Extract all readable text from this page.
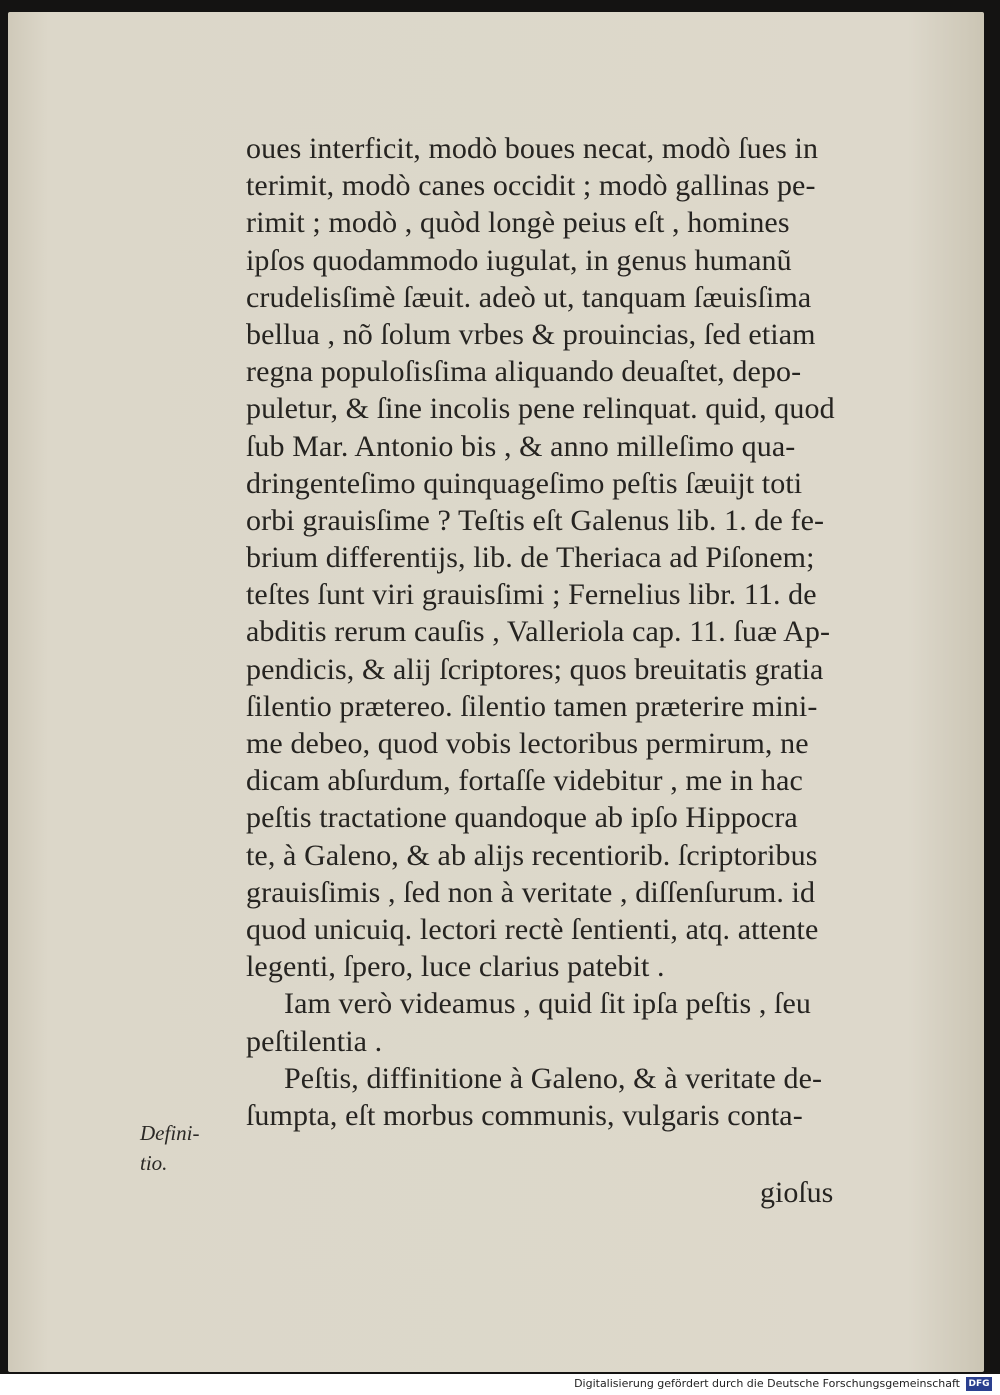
oues interficit, modò boues necat, modò ſues in
terimit, modò canes occidit ; modò gallinas pe-
rimit ; modò , quòd longè peius eſt , homines
ipſos quodammodo iugulat, in genus humanũ
crudelisſimè ſæuit. adeò ut, tanquam ſæuisſima
bellua , nõ ſolum vrbes & prouincias, ſed etiam
regna populoſisſima aliquando deuaſtet, depo-
puletur, & ſine incolis pene relinquat. quid, quod
ſub Mar. Antonio bis , & anno milleſimo qua-
dringenteſimo quinquageſimo peſtis ſæuijt toti
orbi grauisſime ? Teſtis eſt Galenus lib. 1. de fe-
brium differentijs, lib. de Theriaca ad Piſonem;
teſtes ſunt viri grauisſimi ; Fernelius libr. 11. de
abditis rerum cauſis , Valleriola cap. 11. ſuæ Ap-
pendicis, & alij ſcriptores; quos breuitatis gratia
ſilentio prætereo. ſilentio tamen præterire mini-
me debeo, quod vobis lectoribus permirum, ne
dicam abſurdum, fortaſſe videbitur , me in hac
peſtis tractatione quandoque ab ipſo Hippocra
te, à Galeno, & ab alijs recentiorib. ſcriptoribus
grauisſimis , ſed non à veritate , diſſenſurum. id
quod unicuiq. lectori rectè ſentienti, atq. attente
legenti, ſpero, luce clarius patebit .
Iam verò videamus , quid ſit ipſa peſtis , ſeu
peſtilentia .
Peſtis, diffinitione à Galeno, & à veritate de-
ſumpta, eſt morbus communis, vulgaris conta-
gioſus
Defini-
tio.
Digitalisierung gefördert durch die Deutsche Forschungsgemeinschaft DFG
